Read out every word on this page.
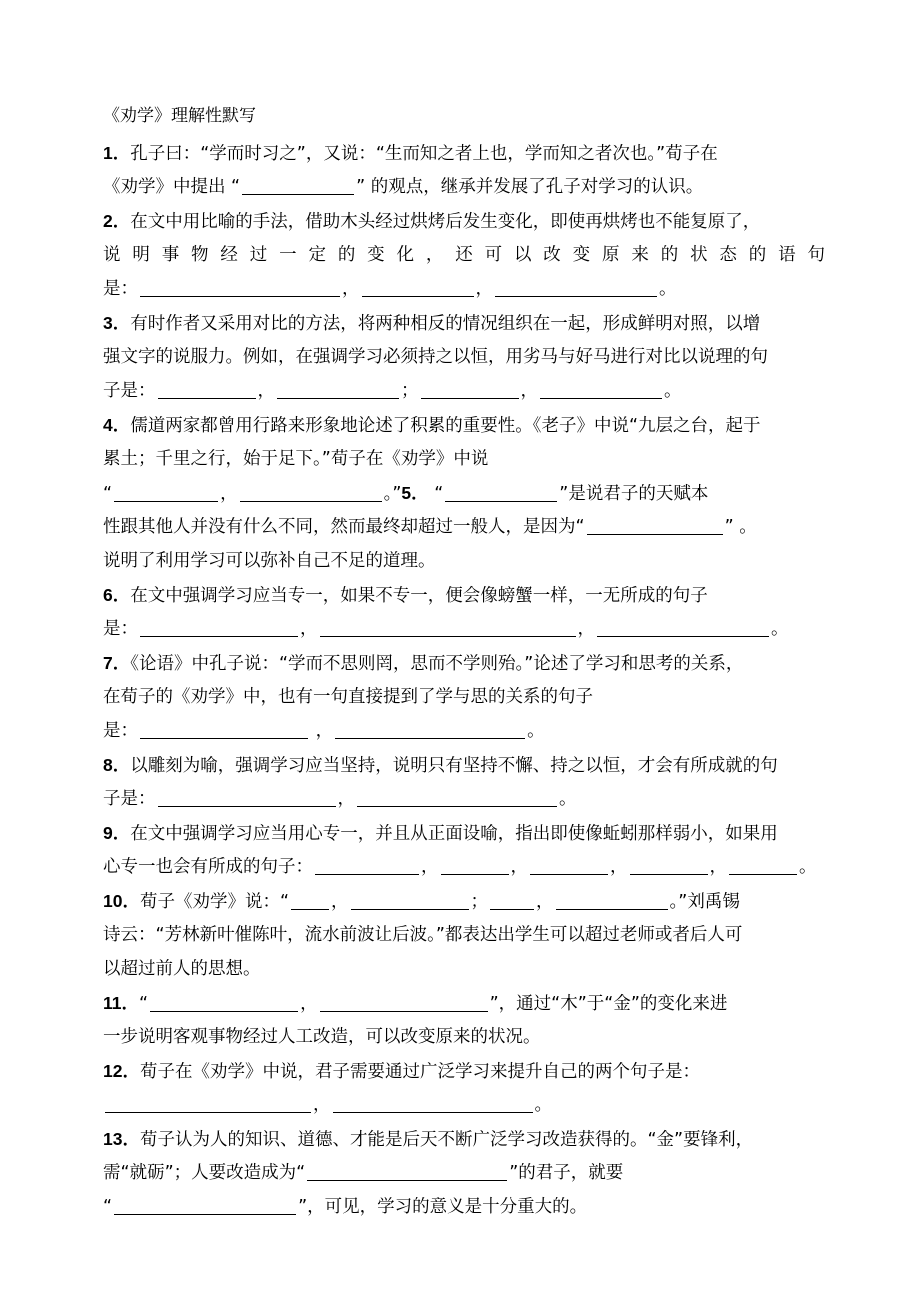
《劝学》理解性默写
1．孔子曰：“学而时习之”，又说：“生而知之者上也，学而知之者次也。”荀子在
《劝学》中提出 “	” 的观点，继承并发展了孔子对学习的认识。
2．在文中用比喻的手法，借助木头经过烘烤后发生变化，即使再烘烤也不能复原了，
说明事物经过一定的变化，还可以改变原来的状态的语句
是：	，	，	。
3．有时作者又采用对比的方法，将两种相反的情况组织在一起，形成鲜明对照，以增
强文字的说服力。例如，在强调学习必须持之以恒，用劣马与好马进行对比以说理的句
子是：	，	；	，	。
4．儒道两家都曾用行路来形象地论述了积累的重要性。《老子》中说“九层之台，起于
累土；千里之行，始于足下。”荀子在《劝学》中说
“	，	。”5． “	”是说君子的天赋本
性跟其他人并没有什么不同，然而最终却超过一般人，是因为“	” 。
说明了利用学习可以弥补自己不足的道理。
6．在文中强调学习应当专一，如果不专一，便会像螃蟹一样，一无所成的句子
是：	，	，	。
7．《论语》中孔子说：“学而不思则罔，思而不学则殆。”论述了学习和思考的关系，
在荀子的《劝学》中，也有一句直接提到了学与思的关系的句子
是：	，	。
8．以雕刻为喻，强调学习应当坚持，说明只有坚持不懈、持之以恒，才会有所成就的句
子是：	，	。
9．在文中强调学习应当用心专一，并且从正面设喻，指出即使像蚯蚓那样弱小，如果用
心专一也会有所成的句子：	，	，	，	，	。
10．荀子《劝学》说：“ ，	；	，	。”刘禹锡
诗云：“芳林新叶催陈叶，流水前波让后波。”都表达出学生可以超过老师或者后人可
以超过前人的思想。
11．“	，	”，通过“木”于“金”的变化来进
一步说明客观事物经过人工改造，可以改变原来的状况。
12．荀子在《劝学》中说，君子需要通过广泛学习来提升自己的两个句子是：
，	。
13．荀子认为人的知识、道德、才能是后天不断广泛学习改造获得的。“金”要锋利，
需“就砺”；人要改造成为“	”的君子，就要
“	”，可见，学习的意义是十分重大的。
